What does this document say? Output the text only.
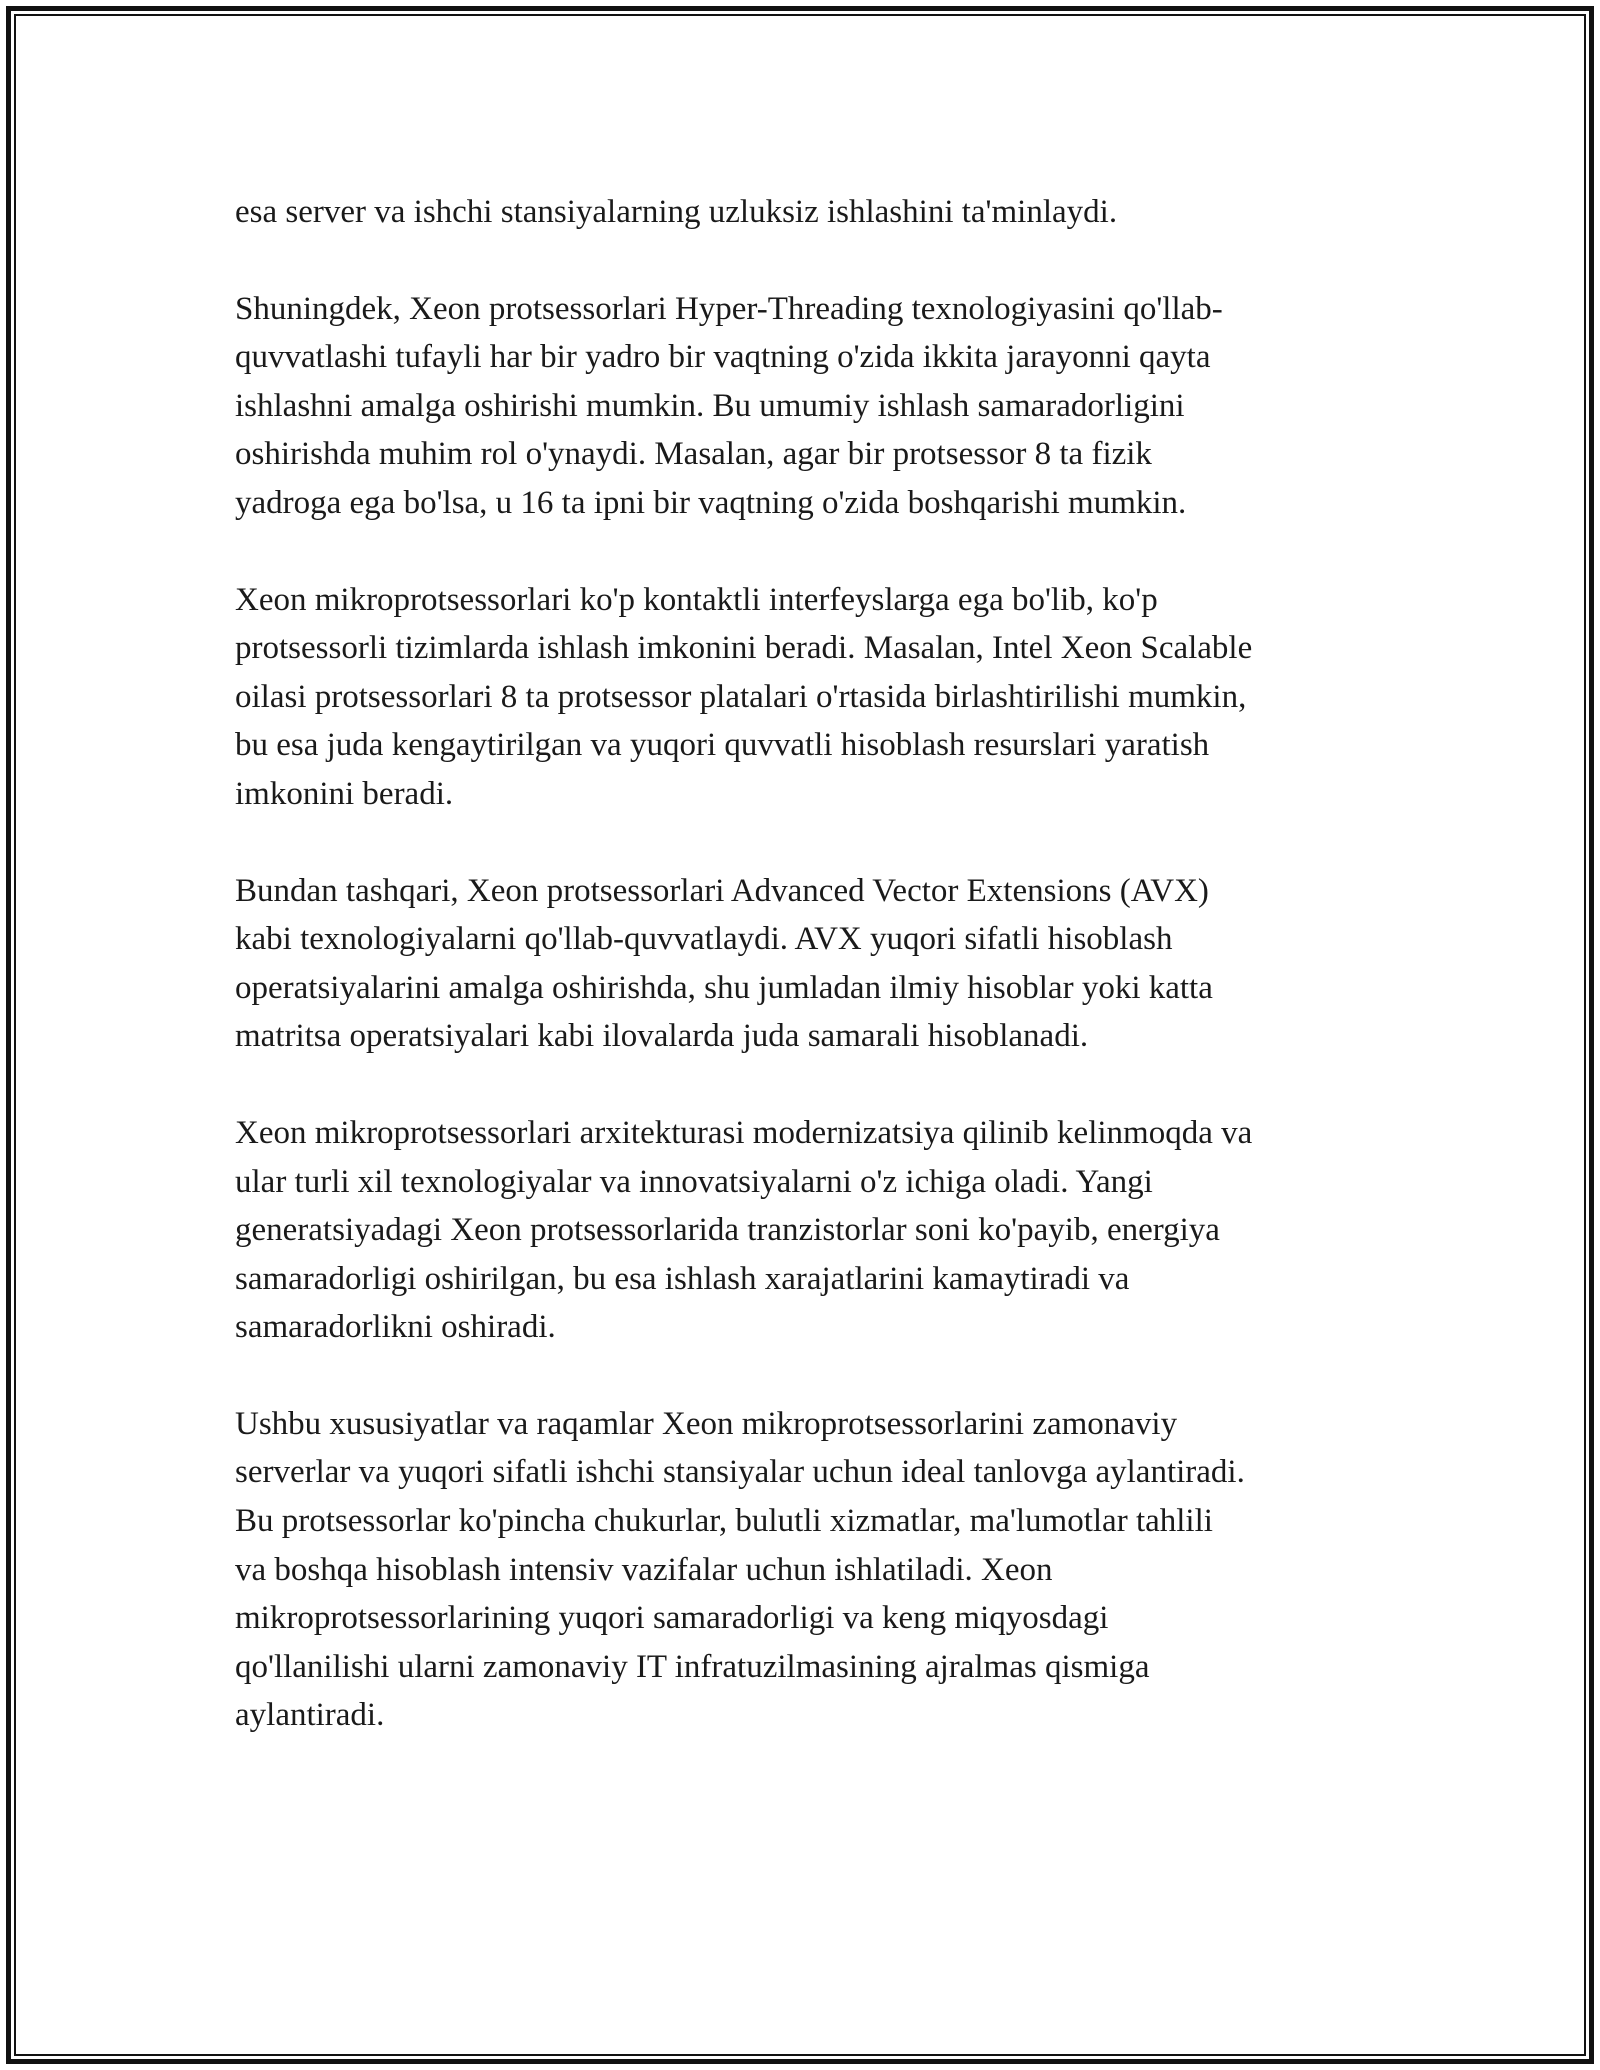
esa server va ishchi stansiyalarning uzluksiz ishlashini ta'minlaydi.

Shuningdek, Xeon protsessorlari Hyper-Threading texnologiyasini qo'llab-
quvvatlashi tufayli har bir yadro bir vaqtning o'zida ikkita jarayonni qayta
ishlashni amalga oshirishi mumkin. Bu umumiy ishlash samaradorligini
oshirishda muhim rol o'ynaydi. Masalan, agar bir protsessor 8 ta fizik
yadroga ega bo'lsa, u 16 ta ipni bir vaqtning o'zida boshqarishi mumkin.

Xeon mikroprotsessorlari ko'p kontaktli interfeyslarga ega bo'lib, ko'p
protsessorli tizimlarda ishlash imkonini beradi. Masalan, Intel Xeon Scalable
oilasi protsessorlari 8 ta protsessor platalari o'rtasida birlashtirilishi mumkin,
bu esa juda kengaytirilgan va yuqori quvvatli hisoblash resurslari yaratish
imkonini beradi.

Bundan tashqari, Xeon protsessorlari Advanced Vector Extensions (AVX)
kabi texnologiyalarni qo'llab-quvvatlaydi. AVX yuqori sifatli hisoblash
operatsiyalarini amalga oshirishda, shu jumladan ilmiy hisoblar yoki katta
matritsa operatsiyalari kabi ilovalarda juda samarali hisoblanadi.

Xeon mikroprotsessorlari arxitekturasi modernizatsiya qilinib kelinmoqda va
ular turli xil texnologiyalar va innovatsiyalarni o'z ichiga oladi. Yangi
generatsiyadagi Xeon protsessorlarida tranzistorlar soni ko'payib, energiya
samaradorligi oshirilgan, bu esa ishlash xarajatlarini kamaytiradi va
samaradorlikni oshiradi.

Ushbu xususiyatlar va raqamlar Xeon mikroprotsessorlarini zamonaviy
serverlar va yuqori sifatli ishchi stansiyalar uchun ideal tanlovga aylantiradi.
Bu protsessorlar ko'pincha chukurlar, bulutli xizmatlar, ma'lumotlar tahlili
va boshqa hisoblash intensiv vazifalar uchun ishlatiladi. Xeon
mikroprotsessorlarining yuqori samaradorligi va keng miqyosdagi
qo'llanilishi ularni zamonaviy IT infratuzilmasining ajralmas qismiga
aylantiradi.
